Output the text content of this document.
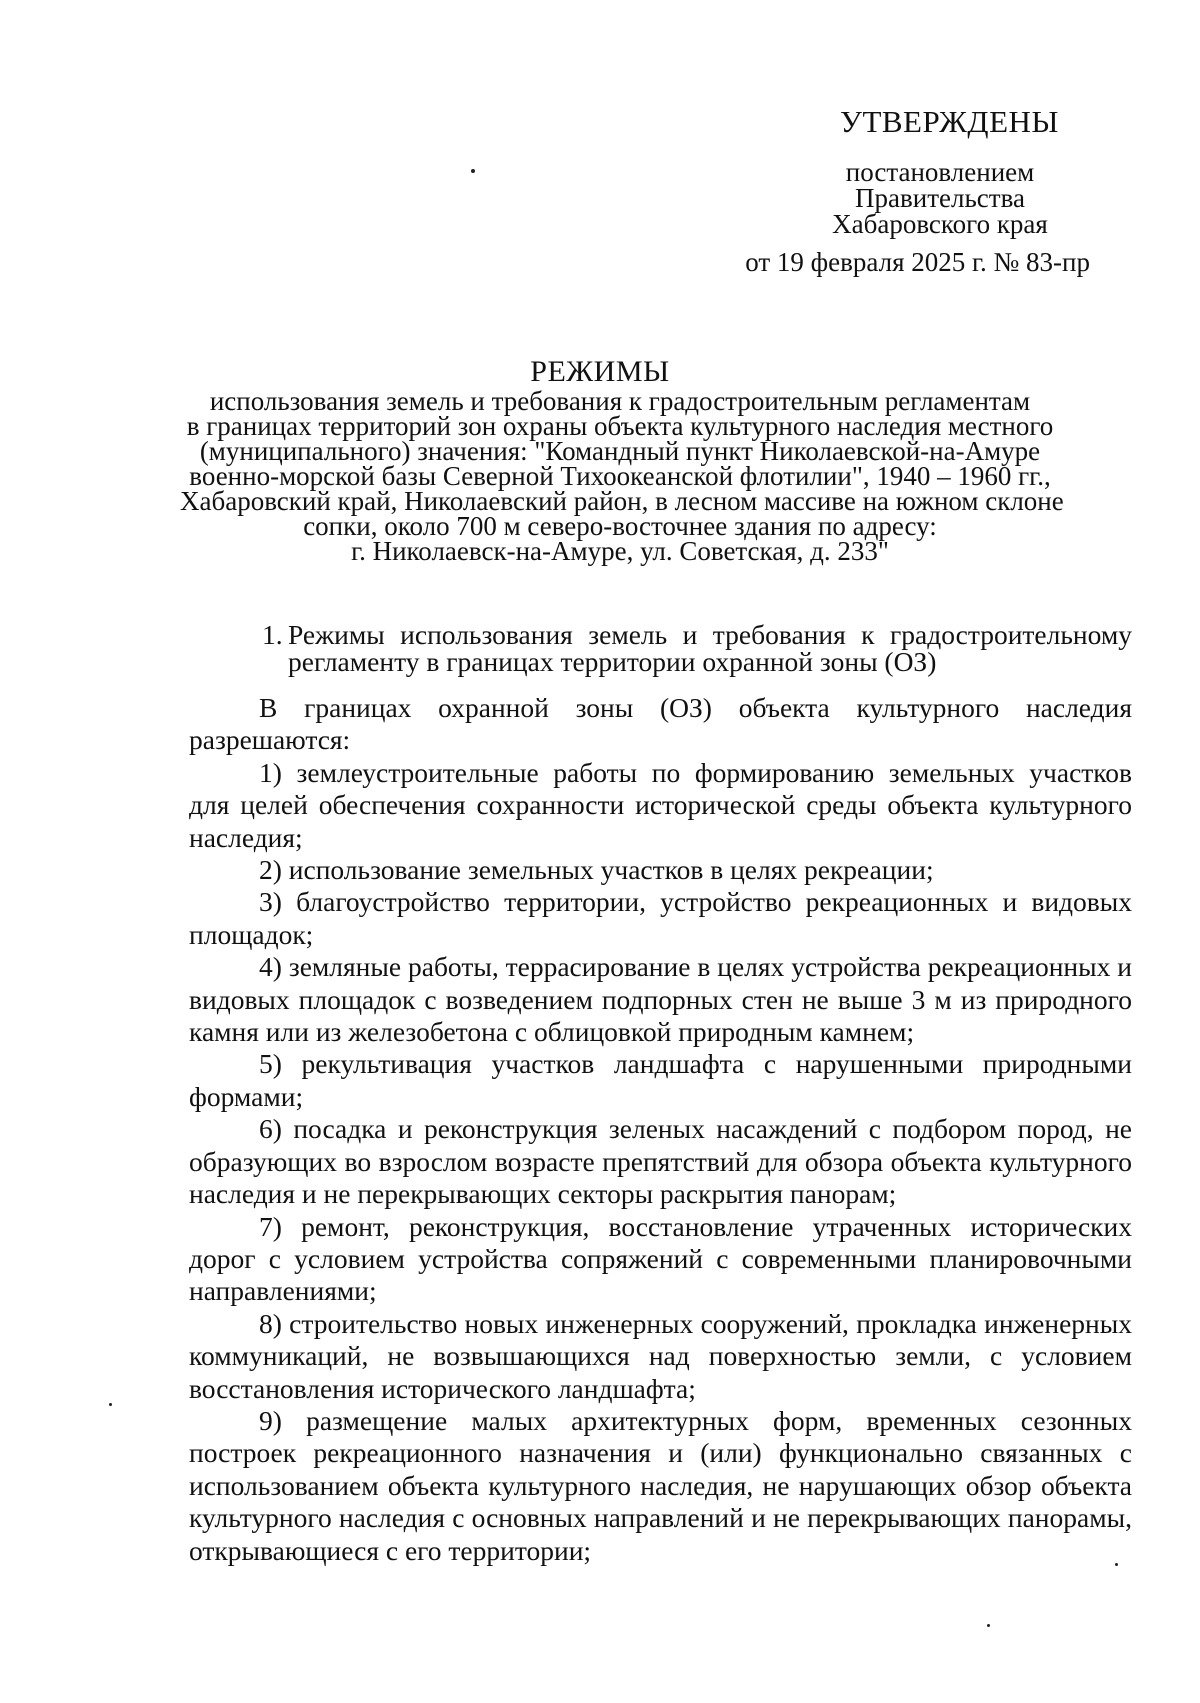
УТВЕРЖДЕНЫ
постановлением
Правительства
Хабаровского края
от 19 февраля 2025 г. № 83-пр
РЕЖИМЫ
использования земель и требования к градостроительным регламентам
в границах территорий зон охраны объекта культурного наследия местного
(муниципального) значения: "Командный пункт Николаевской-на-Амуре
военно-морской базы Северной Тихоокеанской флотилии", 1940 – 1960 гг.,
Хабаровский край, Николаевский район, в лесном массиве на южном склоне
сопки, около 700 м северо-восточнее здания по адресу:
г. Николаевск-на-Амуре, ул. Советская, д. 233"
1. Режимы использования земель и требования к градостроительному регламенту в границах территории охранной зоны (ОЗ)

В границах охранной зоны (ОЗ) объекта культурного наследия разрешаются:

1) землеустроительные работы по формированию земельных участков для целей обеспечения сохранности исторической среды объекта культурного наследия;

2) использование земельных участков в целях рекреации;

3) благоустройство территории, устройство рекреационных и видовых площадок;

4) земляные работы, террасирование в целях устройства рекреационных и видовых площадок с возведением подпорных стен не выше 3 м из природного камня или из железобетона с облицовкой природным камнем;

5) рекультивация участков ландшафта с нарушенными природными формами;

6) посадка и реконструкция зеленых насаждений с подбором пород, не образующих во взрослом возрасте препятствий для обзора объекта культурного наследия и не перекрывающих секторы раскрытия панорам;

7) ремонт, реконструкция, восстановление утраченных исторических дорог с условием устройства сопряжений с современными планировочными направлениями;

8) строительство новых инженерных сооружений, прокладка инженерных коммуникаций, не возвышающихся над поверхностью земли, с условием восстановления исторического ландшафта;

9) размещение малых архитектурных форм, временных сезонных построек рекреационного назначения и (или) функционально связанных с использованием объекта культурного наследия, не нарушающих обзор объекта культурного наследия с основных направлений и не перекрывающих панорамы, открывающиеся с его территории;
